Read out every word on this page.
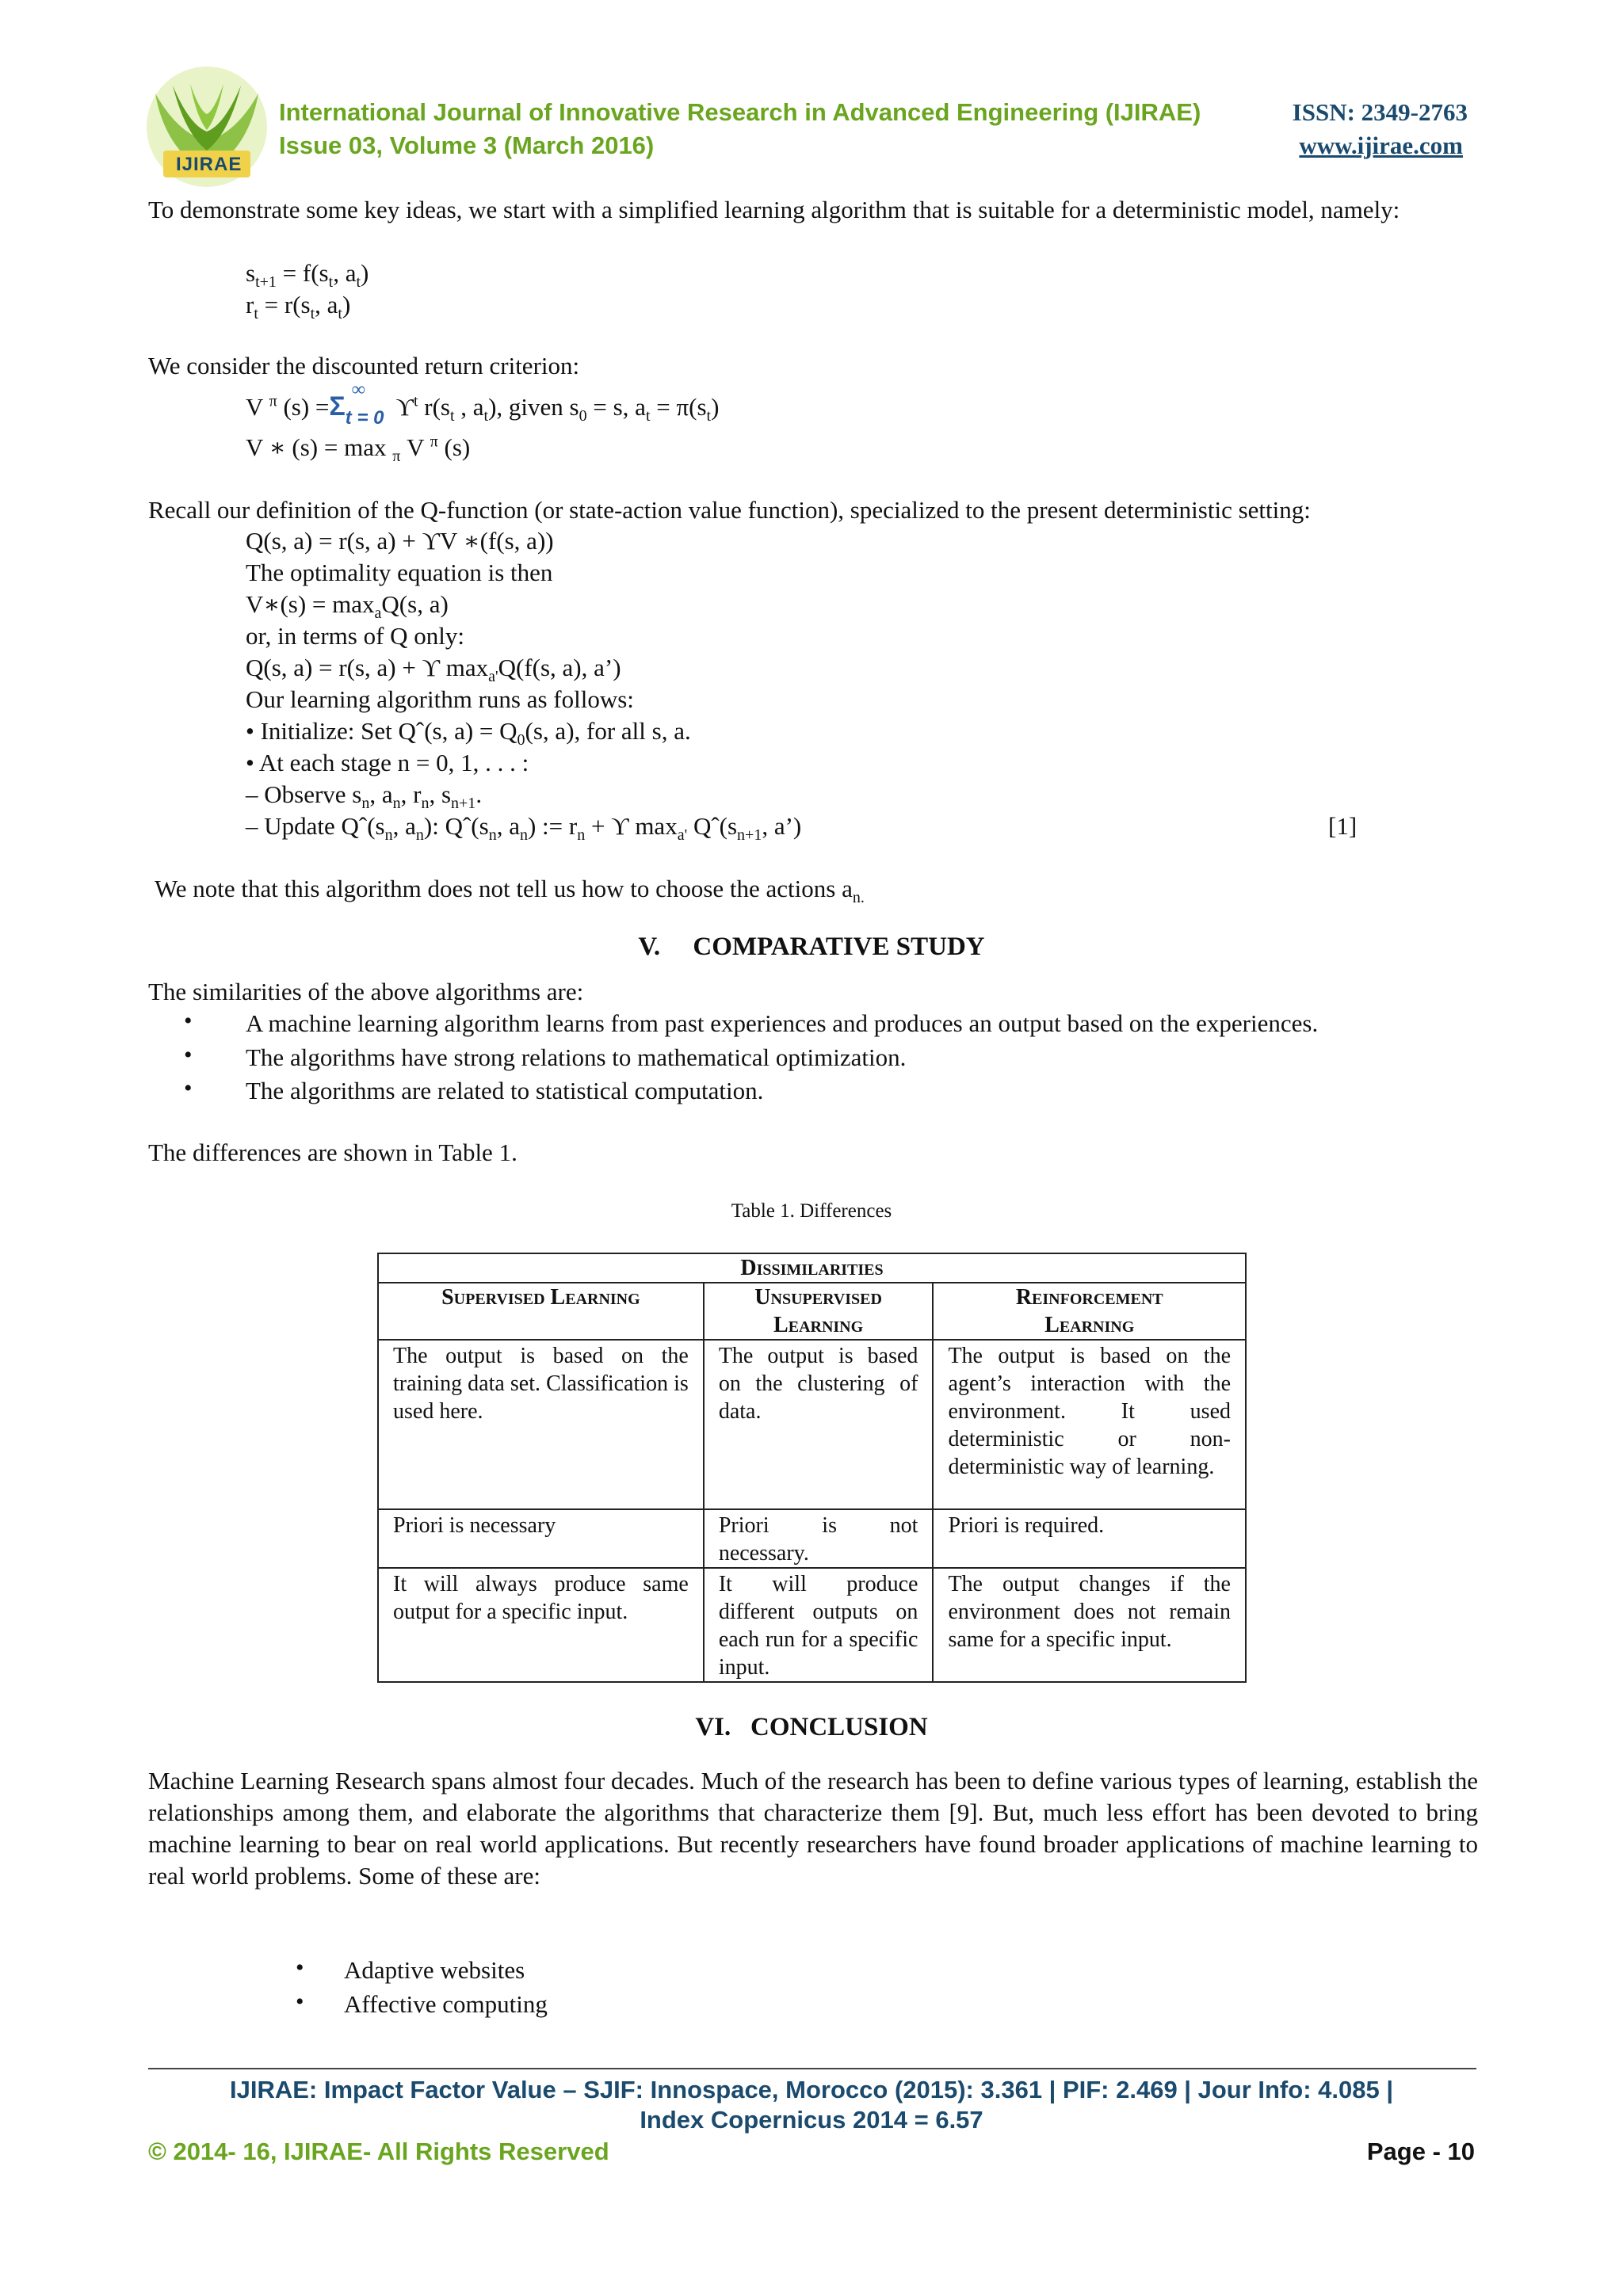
IJIRAE
International Journal of Innovative Research in Advanced Engineering (IJIRAE)	ISSN: 2349-2763
Issue 03, Volume 3 (March 2016)	www.ijirae.com
To demonstrate some key ideas, we start with a simplified learning algorithm that is suitable for a deterministic model, namely:
$s_{t+1} = f(s_t$, $a_t$)
$r_t = r(s_t$, $a_t$)
We consider the discounted return criterion:
V $^\pi$ (s) =Σ
∞
t = 0 $ϒ^t$ $r(s_t$ , $a_t$), given $s_0 = s$, $a_t = \pi(s_t)$
V ∗ (s) = max $_\pi$ V $^\pi$ (s)
Recall our definition of the Q-function (or state-action value function), specialized to the present deterministic setting:
Q(s, a) = r(s, a) + ϒV ∗(f(s, a))
The optimality equation is then
V∗(s) = $\max_aQ(s$, a)
or, in terms of Q only:
Q(s, a) = r(s, a) + ϒ $\max_{a'}Q(f(s$, a), a’)
Our learning algorithm runs as follows:
• Initialize: Set Qˆ(s, $a) = Q_0(s$, a), for all s, a.
• At each stage n = 0, 1, . . . :
– Observe $s_n$, $a_n$, $r_n$, $s_{n+1}$.
– Update $Qˆ(s_n$, $a_n$): $Qˆ(s_n$, $a_n$) := $r_n + ϒ$ $\max_{a'}$ $Qˆ(s_{n+1}$, a’)	[1]
We note that this algorithm does not tell us how to choose the actions $a_{n.}$
V.     COMPARATIVE STUDY
The similarities of the above algorithms are:
• A machine learning algorithm learns from past experiences and produces an output based on the experiences.
• The algorithms have strong relations to mathematical optimization.
• The algorithms are related to statistical computation.
The differences are shown in Table 1.
Table 1. Differences
Dissimilarities		
Supervised Learning	Unsupervised Learning	Reinforcement Learning
The output is based on the training data set. Classification is used here.	The output is based on the clustering of data.	The output is based on the agent’s interaction with the environment. It used deterministic or non-deterministic way of learning.
Priori is necessary	Priori is not necessary.	Priori is required.
It will always produce same output for a specific input.	It will produce different outputs on each run for a specific input.	The output changes if the environment does not remain same for a specific input.
VI.   CONCLUSION
Machine Learning Research spans almost four decades. Much of the research has been to define various types of learning, establish the relationships among them, and elaborate the algorithms that characterize them [9]. But, much less effort has been devoted to bring machine learning to bear on real world applications. But recently researchers have found broader applications of machine learning to real world problems. Some of these are:
• Adaptive websites
• Affective computing
IJIRAE: Impact Factor Value – SJIF: Innospace, Morocco (2015): 3.361 | PIF: 2.469 | Jour Info: 4.085 |
Index Copernicus 2014 = 6.57
© 2014- 16, IJIRAE- All Rights Reserved	Page - 10
